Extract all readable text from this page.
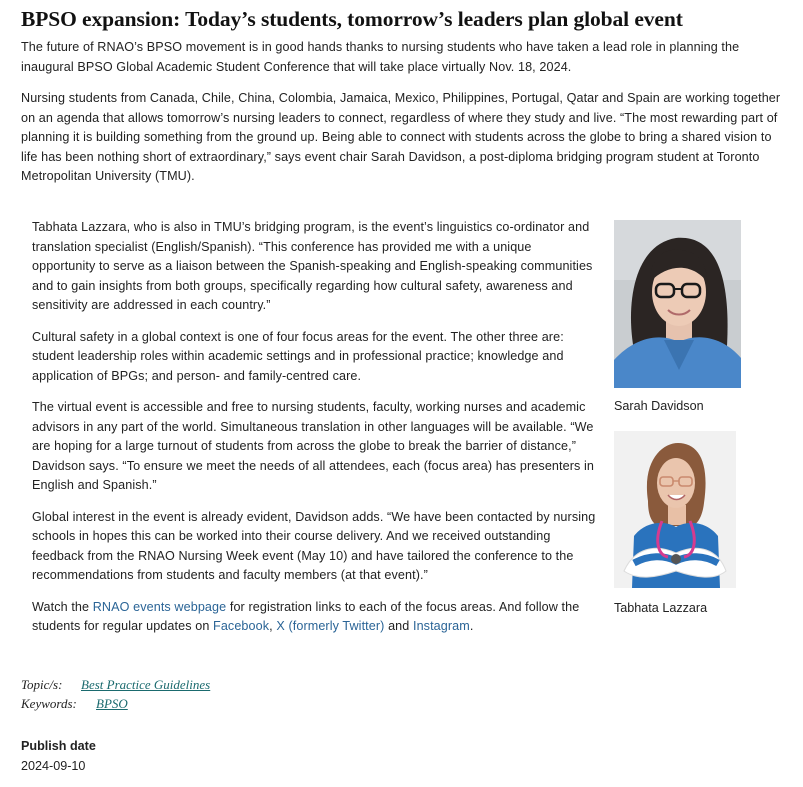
BPSO expansion: Today’s students, tomorrow’s leaders plan global event

The future of RNAO’s BPSO movement is in good hands thanks to nursing students who have taken a lead role in planning the inaugural BPSO Global Academic Student Conference that will take place virtually Nov. 18, 2024.

Nursing students from Canada, Chile, China, Colombia, Jamaica, Mexico, Philippines, Portugal, Qatar and Spain are working together on an agenda that allows tomorrow’s nursing leaders to connect, regardless of where they study and live. “The most rewarding part of planning it is building something from the ground up. Being able to connect with students across the globe to bring a shared vision to life has been nothing short of extraordinary,” says event chair Sarah Davidson, a post-diploma bridging program student at Toronto Metropolitan University (TMU).

Tabhata Lazzara, who is also in TMU’s bridging program, is the event’s linguistics co-ordinator and translation specialist (English/Spanish). “This conference has provided me with a unique opportunity to serve as a liaison between the Spanish-speaking and English-speaking communities and to gain insights from both groups, specifically regarding how cultural safety, awareness and sensitivity are addressed in each country.”

Cultural safety in a global context is one of four focus areas for the event. The other three are: student leadership roles within academic settings and in professional practice; knowledge and application of BPGs; and person- and family-centred care.

The virtual event is accessible and free to nursing students, faculty, working nurses and academic advisors in any part of the world. Simultaneous translation in other languages will be available. “We are hoping for a large turnout of students from across the globe to break the barrier of distance,” Davidson says. “To ensure we meet the needs of all attendees, each (focus area) has presenters in English and Spanish.”

Global interest in the event is already evident, Davidson adds. “We have been contacted by nursing schools in hopes this can be worked into their course delivery. And we received outstanding feedback from the RNAO Nursing Week event (May 10) and have tailored the conference to the recommendations from students and faculty members (at that event).”

Watch the RNAO events webpage for registration links to each of the focus areas. And follow the students for regular updates on Facebook, X (formerly Twitter) and Instagram.

Sarah Davidson
Tabhata Lazzara
Topic/s: Best Practice Guidelines
Keywords: BPSO
Publish date
2024-09-10
